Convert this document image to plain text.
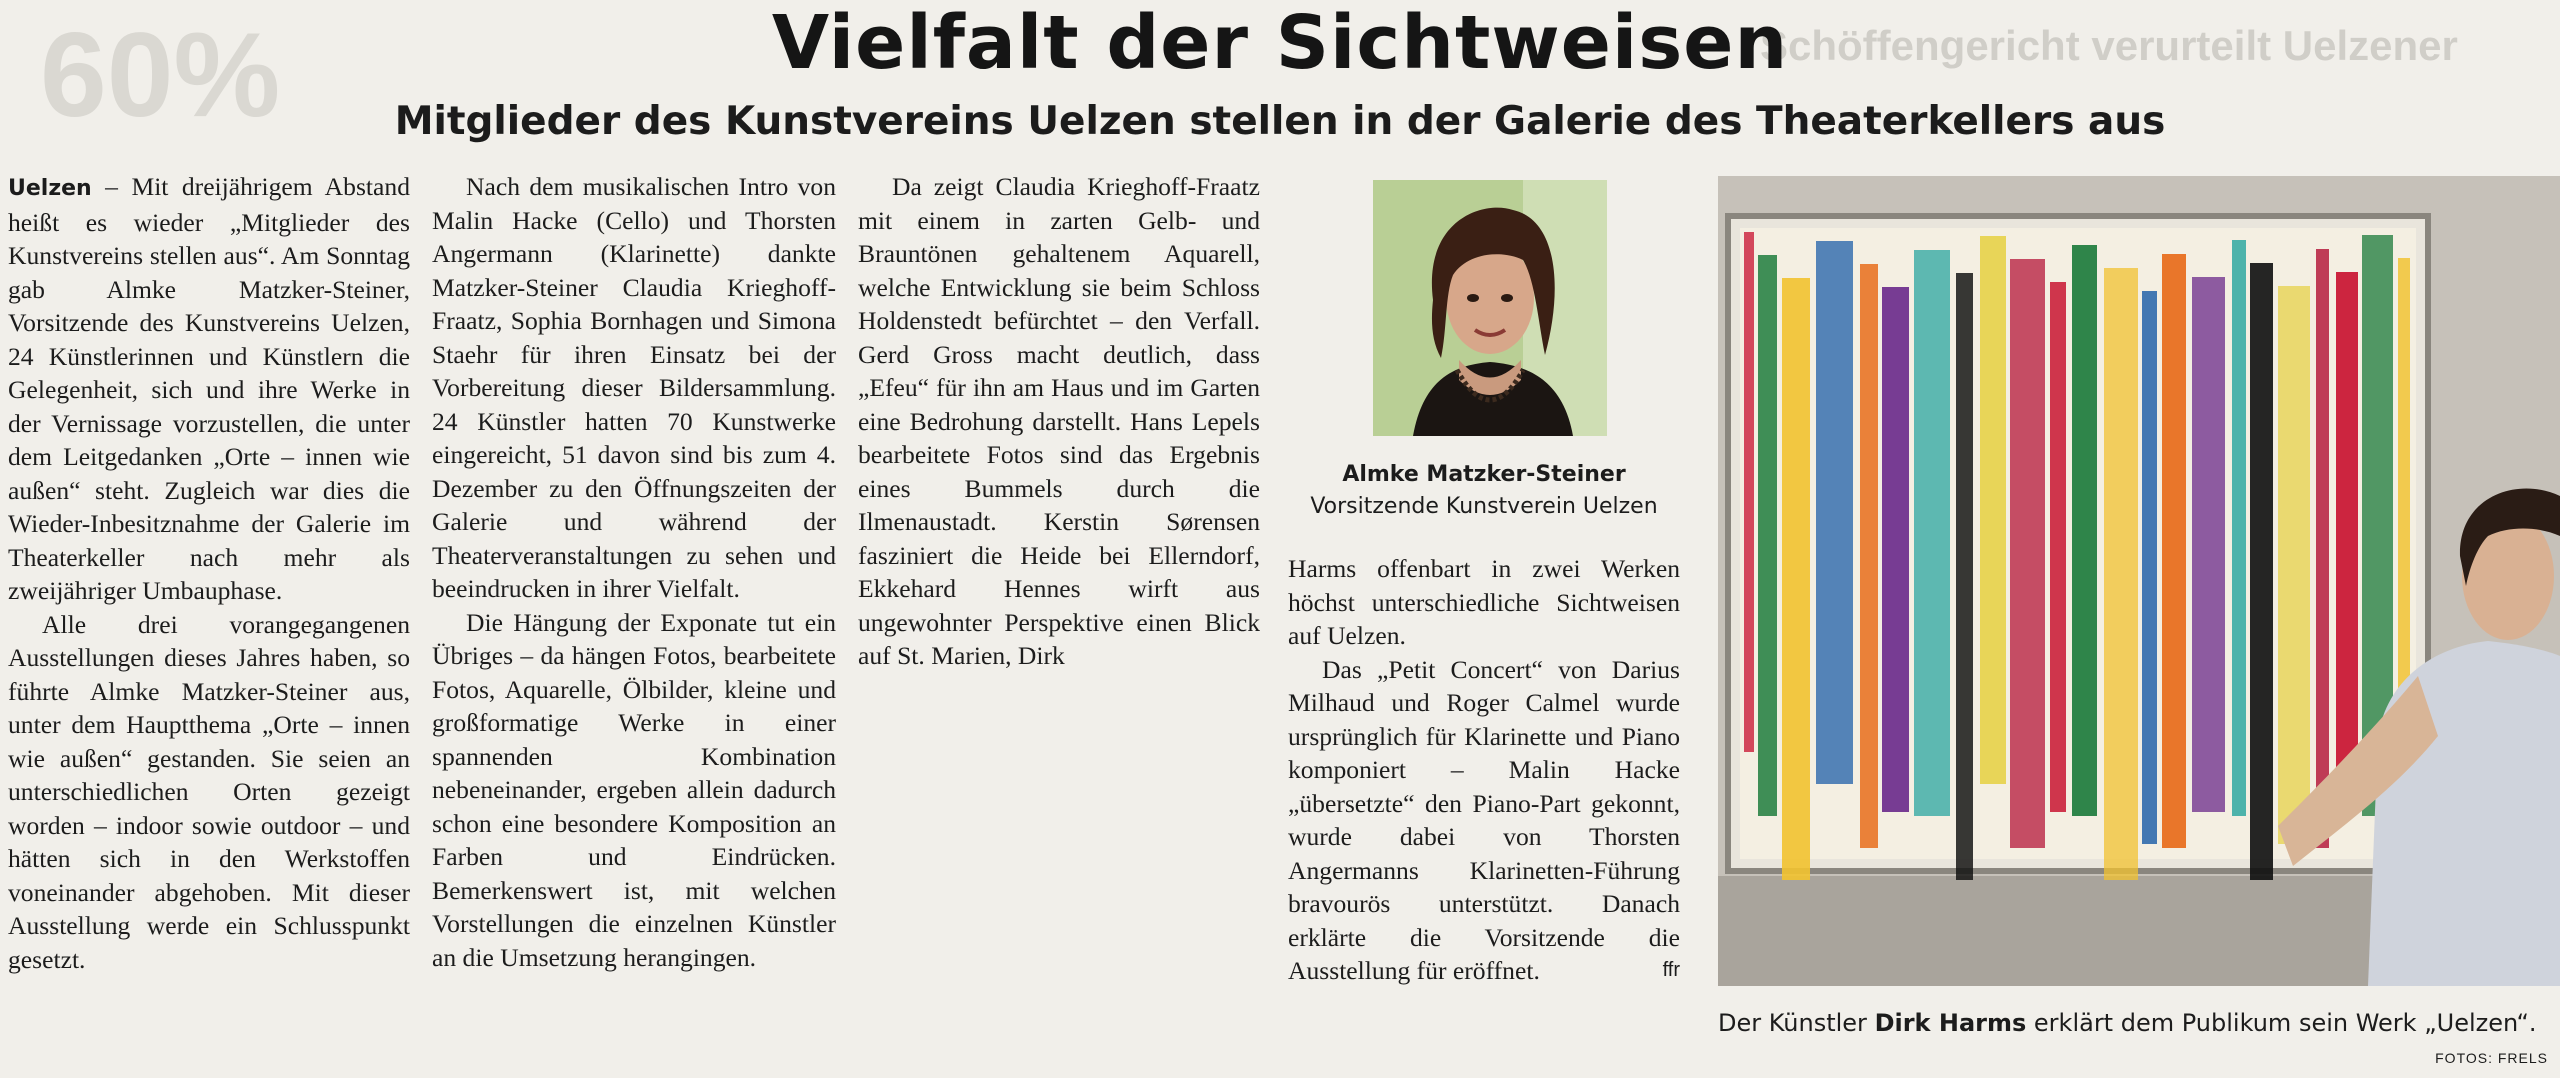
60%	Schöffengericht verurteilt Uelzener
Vielfalt der Sichtweisen
Mitglieder des Kunstvereins Uelzen stellen in der Galerie des Theaterkellers aus

Uelzen – Mit dreijährigem Abstand heißt es wieder „Mitglieder des Kunstvereins stellen aus“. Am Sonntag gab Almke Matzker-Steiner, Vorsitzende des Kunstvereins Uelzen, 24 Künstlerinnen und Künstlern die Gelegenheit, sich und ihre Werke in der Vernissage vorzustellen, die unter dem Leitgedanken „Orte – innen wie außen“ steht. Zugleich war dies die Wieder-Inbesitznahme der Galerie im Theaterkeller nach mehr als zweijähriger Umbauphase.

Alle drei vorangegangenen Ausstellungen dieses Jahres haben, so führte Almke Matzker-Steiner aus, unter dem Hauptthema „Orte – innen wie außen“ gestanden. Sie seien an unterschiedlichen Orten gezeigt worden – indoor sowie outdoor – und hätten sich in den Werkstoffen voneinander abgehoben. Mit dieser Ausstellung werde ein Schlusspunkt gesetzt.

Nach dem musikalischen Intro von Malin Hacke (Cello) und Thorsten Angermann (Klarinette) dankte Matzker-Steiner Claudia Krieghoff-Fraatz, Sophia Bornhagen und Simona Staehr für ihren Einsatz bei der Vorbereitung dieser Bildersammlung. 24 Künstler hatten 70 Kunstwerke eingereicht, 51 davon sind bis zum 4. Dezember zu den Öffnungszeiten der Galerie und während der Theaterveranstaltungen zu sehen und beeindrucken in ihrer Vielfalt.

Die Hängung der Exponate tut ein Übriges – da hängen Fotos, bearbeitete Fotos, Aquarelle, Ölbilder, kleine und großformatige Werke in einer spannenden Kombination nebeneinander, ergeben allein dadurch schon eine besondere Komposition an Farben und Eindrücken. Bemerkenswert ist, mit welchen Vorstellungen die einzelnen Künstler an die Umsetzung herangingen.

Da zeigt Claudia Krieghoff-Fraatz mit einem in zarten Gelb- und Brauntönen gehaltenem Aquarell, welche Entwicklung sie beim Schloss Holdenstedt befürchtet – den Verfall. Gerd Gross macht deutlich, dass „Efeu“ für ihn am Haus und im Garten eine Bedrohung darstellt. Hans Lepels bearbeitete Fotos sind das Ergebnis eines Bummels durch die Ilmenaustadt. Kerstin Sørensen fasziniert die Heide bei Ellerndorf, Ekkehard Hennes wirft aus ungewohnter Perspektive einen Blick auf St. Marien, Dirk

Almke Matzker-Steiner
Vorsitzende Kunstverein Uelzen

Harms offenbart in zwei Werken höchst unterschiedliche Sichtweisen auf Uelzen.

Das „Petit Concert“ von Darius Milhaud und Roger Calmel wurde ursprünglich für Klarinette und Piano komponiert – Malin Hacke „übersetzte“ den Piano-Part gekonnt, wurde dabei von Thorsten Angermanns Klarinetten-Führung bravourös unterstützt. Danach erklärte die Vorsitzende die Ausstellung für eröffnet.	ffr

Der Künstler Dirk Harms erklärt dem Publikum sein Werk „Uelzen“.
FOTOS: FRELS
